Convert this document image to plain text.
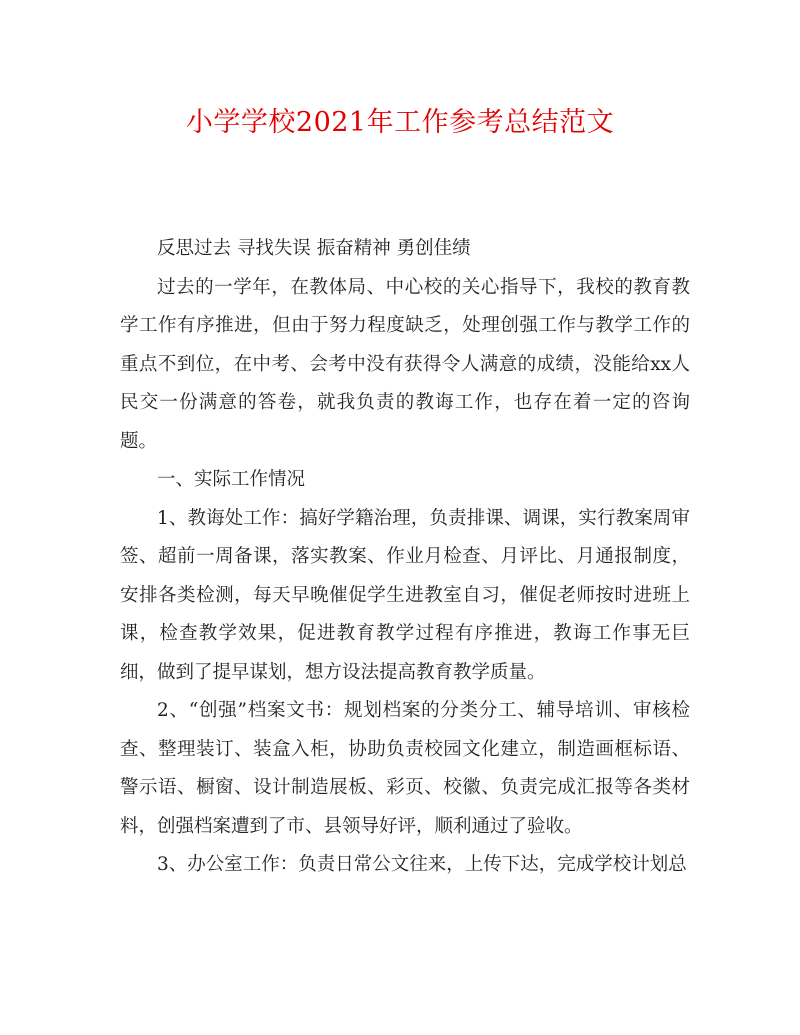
小学学校2021年工作参考总结范文

反思过去 寻找失误 振奋精神 勇创佳绩

过去的一学年，在教体局、中心校的关心指导下，我校的教育教学工作有序推进，但由于努力程度缺乏，处理创强工作与教学工作的重点不到位，在中考、会考中没有获得令人满意的成绩，没能给xx人民交一份满意的答卷，就我负责的教诲工作，也存在着一定的咨询题。

一、实际工作情况

1、教诲处工作：搞好学籍治理，负责排课、调课，实行教案周审签、超前一周备课，落实教案、作业月检查、月评比、月通报制度，安排各类检测，每天早晚催促学生进教室自习，催促老师按时进班上课，检查教学效果，促进教育教学过程有序推进，教诲工作事无巨细，做到了提早谋划，想方设法提高教育教学质量。

2、“创强”档案文书：规划档案的分类分工、辅导培训、审核检查、整理装订、装盒入柜，协助负责校园文化建立，制造画框标语、警示语、橱窗、设计制造展板、彩页、校徽、负责完成汇报等各类材料，创强档案遭到了市、县领导好评，顺利通过了验收。

3、办公室工作：负责日常公文往来，上传下达，完成学校计划总
